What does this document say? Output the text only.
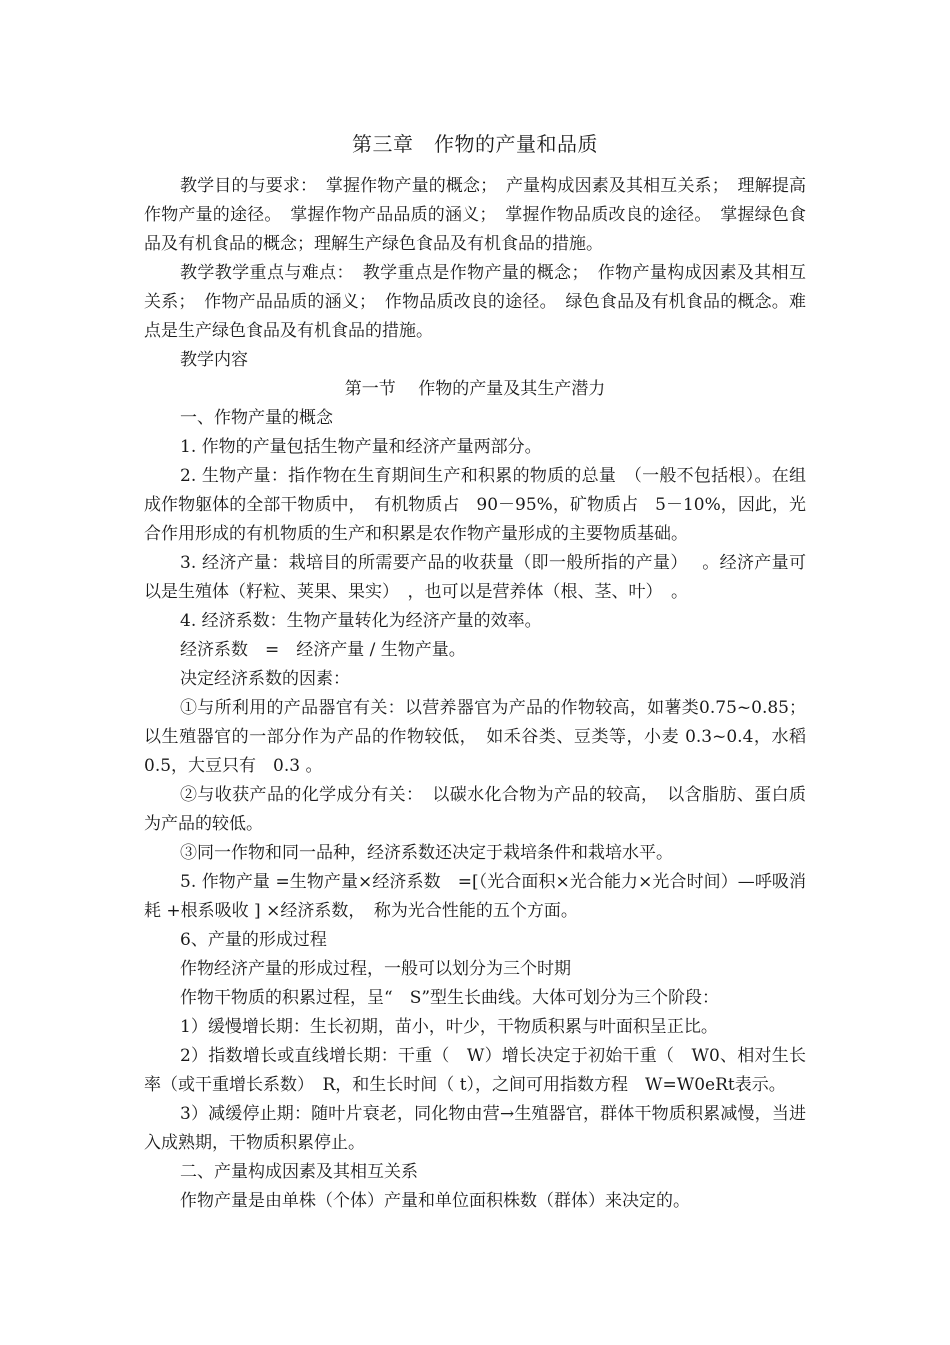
第三章　作物的产量和品质

教学目的与要求：　掌握作物产量的概念；　产量构成因素及其相互关系；　理解提高作物产量的途径。　掌握作物产品品质的涵义；　掌握作物品质改良的途径。　掌握绿色食品及有机食品的概念；理解生产绿色食品及有机食品的措施。

教学教学重点与难点：　教学重点是作物产量的概念；　作物产量构成因素及其相互关系；　作物产品品质的涵义；　作物品质改良的途径。　绿色食品及有机食品的概念。难点是生产绿色食品及有机食品的措施。

教学内容

第一节　 作物的产量及其生产潜力

一、作物产量的概念

1. 作物的产量包括生物产量和经济产量两部分。

2. 生物产量：指作物在生育期间生产和积累的物质的总量　（一般不包括根）。在组成作物躯体的全部干物质中，　有机物质占　90－95%，矿物质占　5－10%，因此，光合作用形成的有机物质的生产和积累是农作物产量形成的主要物质基础。

3. 经济产量：栽培目的所需要产品的收获量（即一般所指的产量）　 。经济产量可以是生殖体（籽粒、荚果、果实）　，也可以是营养体（根、茎、叶）　。

4. 经济系数：生物产量转化为经济产量的效率。

经济系数　=　经济产量 / 生物产量。

决定经济系数的因素：

①与所利用的产品器官有关：以营养器官为产品的作物较高，如薯类0.75~0.85；以生殖器官的一部分作为产品的作物较低，　如禾谷类、豆类等，小麦 0.3~0.4，水稻 0.5，大豆只有　0.3 。

②与收获产品的化学成分有关：　以碳水化合物为产品的较高，　以含脂肪、蛋白质为产品的较低。

③同一作物和同一品种，经济系数还决定于栽培条件和栽培水平。

5. 作物产量 =生物产量×经济系数　=[（光合面积×光合能力×光合时间）—呼吸消耗 +根系吸收 ] ×经济系数，　称为光合性能的五个方面。

6、产量的形成过程

作物经济产量的形成过程，一般可以划分为三个时期

作物干物质的积累过程，呈“　S”型生长曲线。大体可划分为三个阶段：

1）缓慢增长期：生长初期，苗小，叶少，干物质积累与叶面积呈正比。

2）指数增长或直线增长期：干重（　W）增长决定于初始干重（　W0、相对生长率（或干重增长系数）　R，和生长时间（ t），之间可用指数方程　W=W0eRt表示。

3）减缓停止期：随叶片衰老，同化物由营→生殖器官，群体干物质积累减慢，当进入成熟期，干物质积累停止。

二、产量构成因素及其相互关系

作物产量是由单株（个体）产量和单位面积株数（群体）来决定的。
